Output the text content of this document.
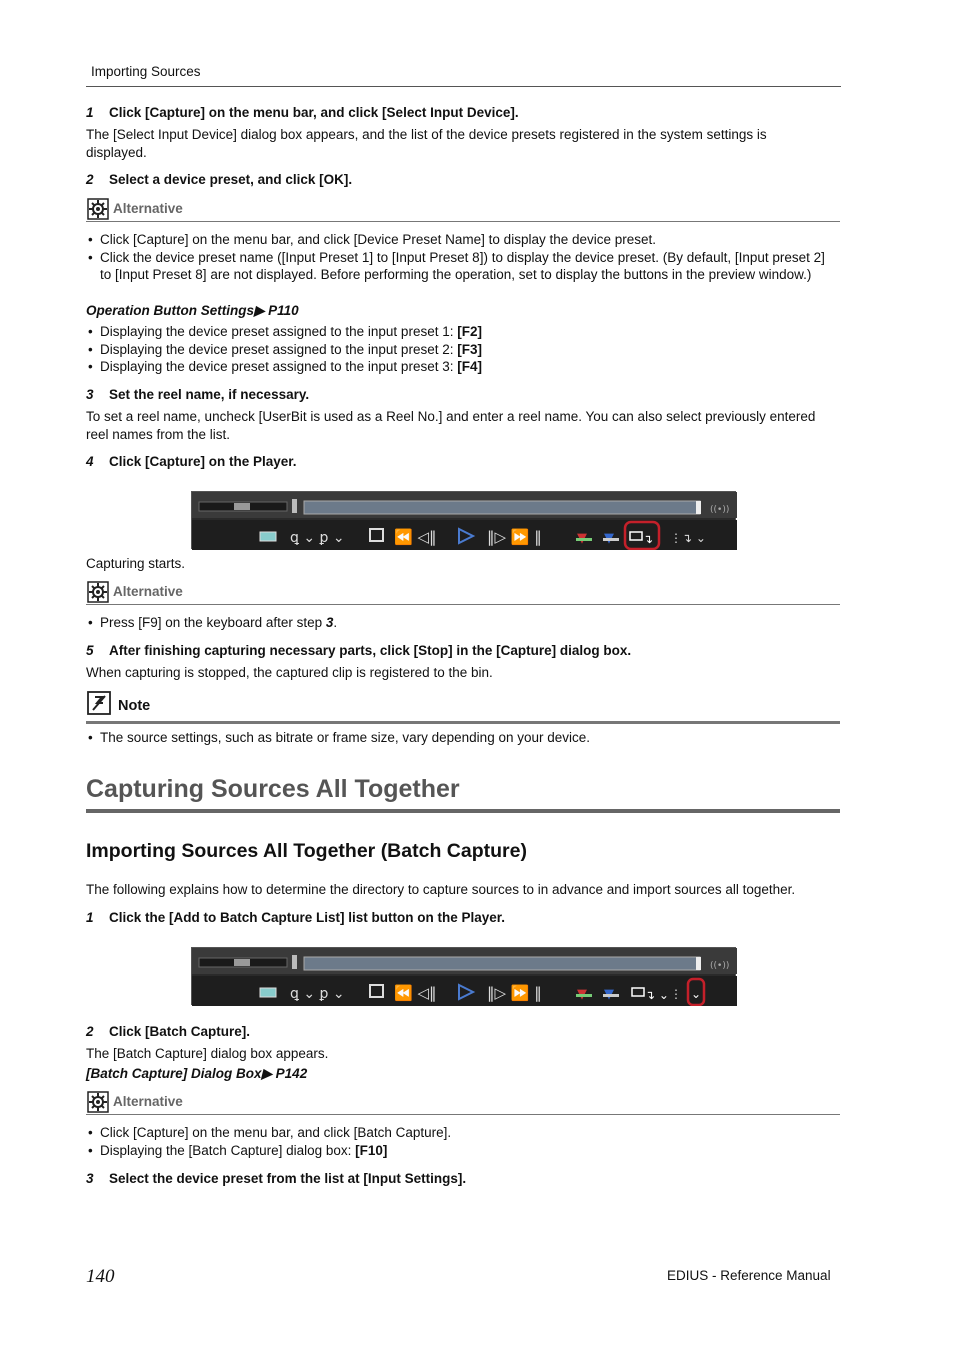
Importing Sources
1 Click [Capture] on the menu bar, and click [Select Input Device].
The [Select Input Device] dialog box appears, and the list of the device presets registered in the system settings is displayed.
2 Select a device preset, and click [OK].
Alternative
• Click [Capture] on the menu bar, and click [Device Preset Name] to display the device preset.
• Click the device preset name ([Input Preset 1] to [Input Preset 8]) to display the device preset. (By default, [Input preset 2] to [Input Preset 8] are not displayed. Before performing the operation, set to display the buttons in the preview window.)
Operation Button Settings▶ P110
• Displaying the device preset assigned to the input preset 1: [F2]
• Displaying the device preset assigned to the input preset 2: [F3]
• Displaying the device preset assigned to the input preset 3: [F4]
3 Set the reel name, if necessary.
To set a reel name, uncheck [UserBit is used as a Reel No.] and enter a reel name. You can also select previously entered reel names from the list.
4 Click [Capture] on the Player.
((•))
ꝗ ⌄ ꝑ ⌄	⏪ ◁‖	‖▷ ⏩ ‖	↴ ⋮↴ ⌄
Capturing starts.
Alternative
• Press [F9] on the keyboard after step 3.
5 After finishing capturing necessary parts, click [Stop] in the [Capture] dialog box.
When capturing is stopped, the captured clip is registered to the bin.
Note
• The source settings, such as bitrate or frame size, vary depending on your device.
Capturing Sources All Together
Importing Sources All Together (Batch Capture)
The following explains how to determine the directory to capture sources to in advance and import sources all together.
1 Click the [Add to Batch Capture List] list button on the Player.
((•))
ꝗ ⌄ ꝑ ⌄	⏪ ◁‖	‖▷ ⏩ ‖	↴ ⌄ ⋮ ⌄
2 Click [Batch Capture].
The [Batch Capture] dialog box appears.
[Batch Capture] Dialog Box▶ P142
Alternative
• Click [Capture] on the menu bar, and click [Batch Capture].
• Displaying the [Batch Capture] dialog box: [F10]
3 Select the device preset from the list at [Input Settings].
140	EDIUS - Reference Manual
